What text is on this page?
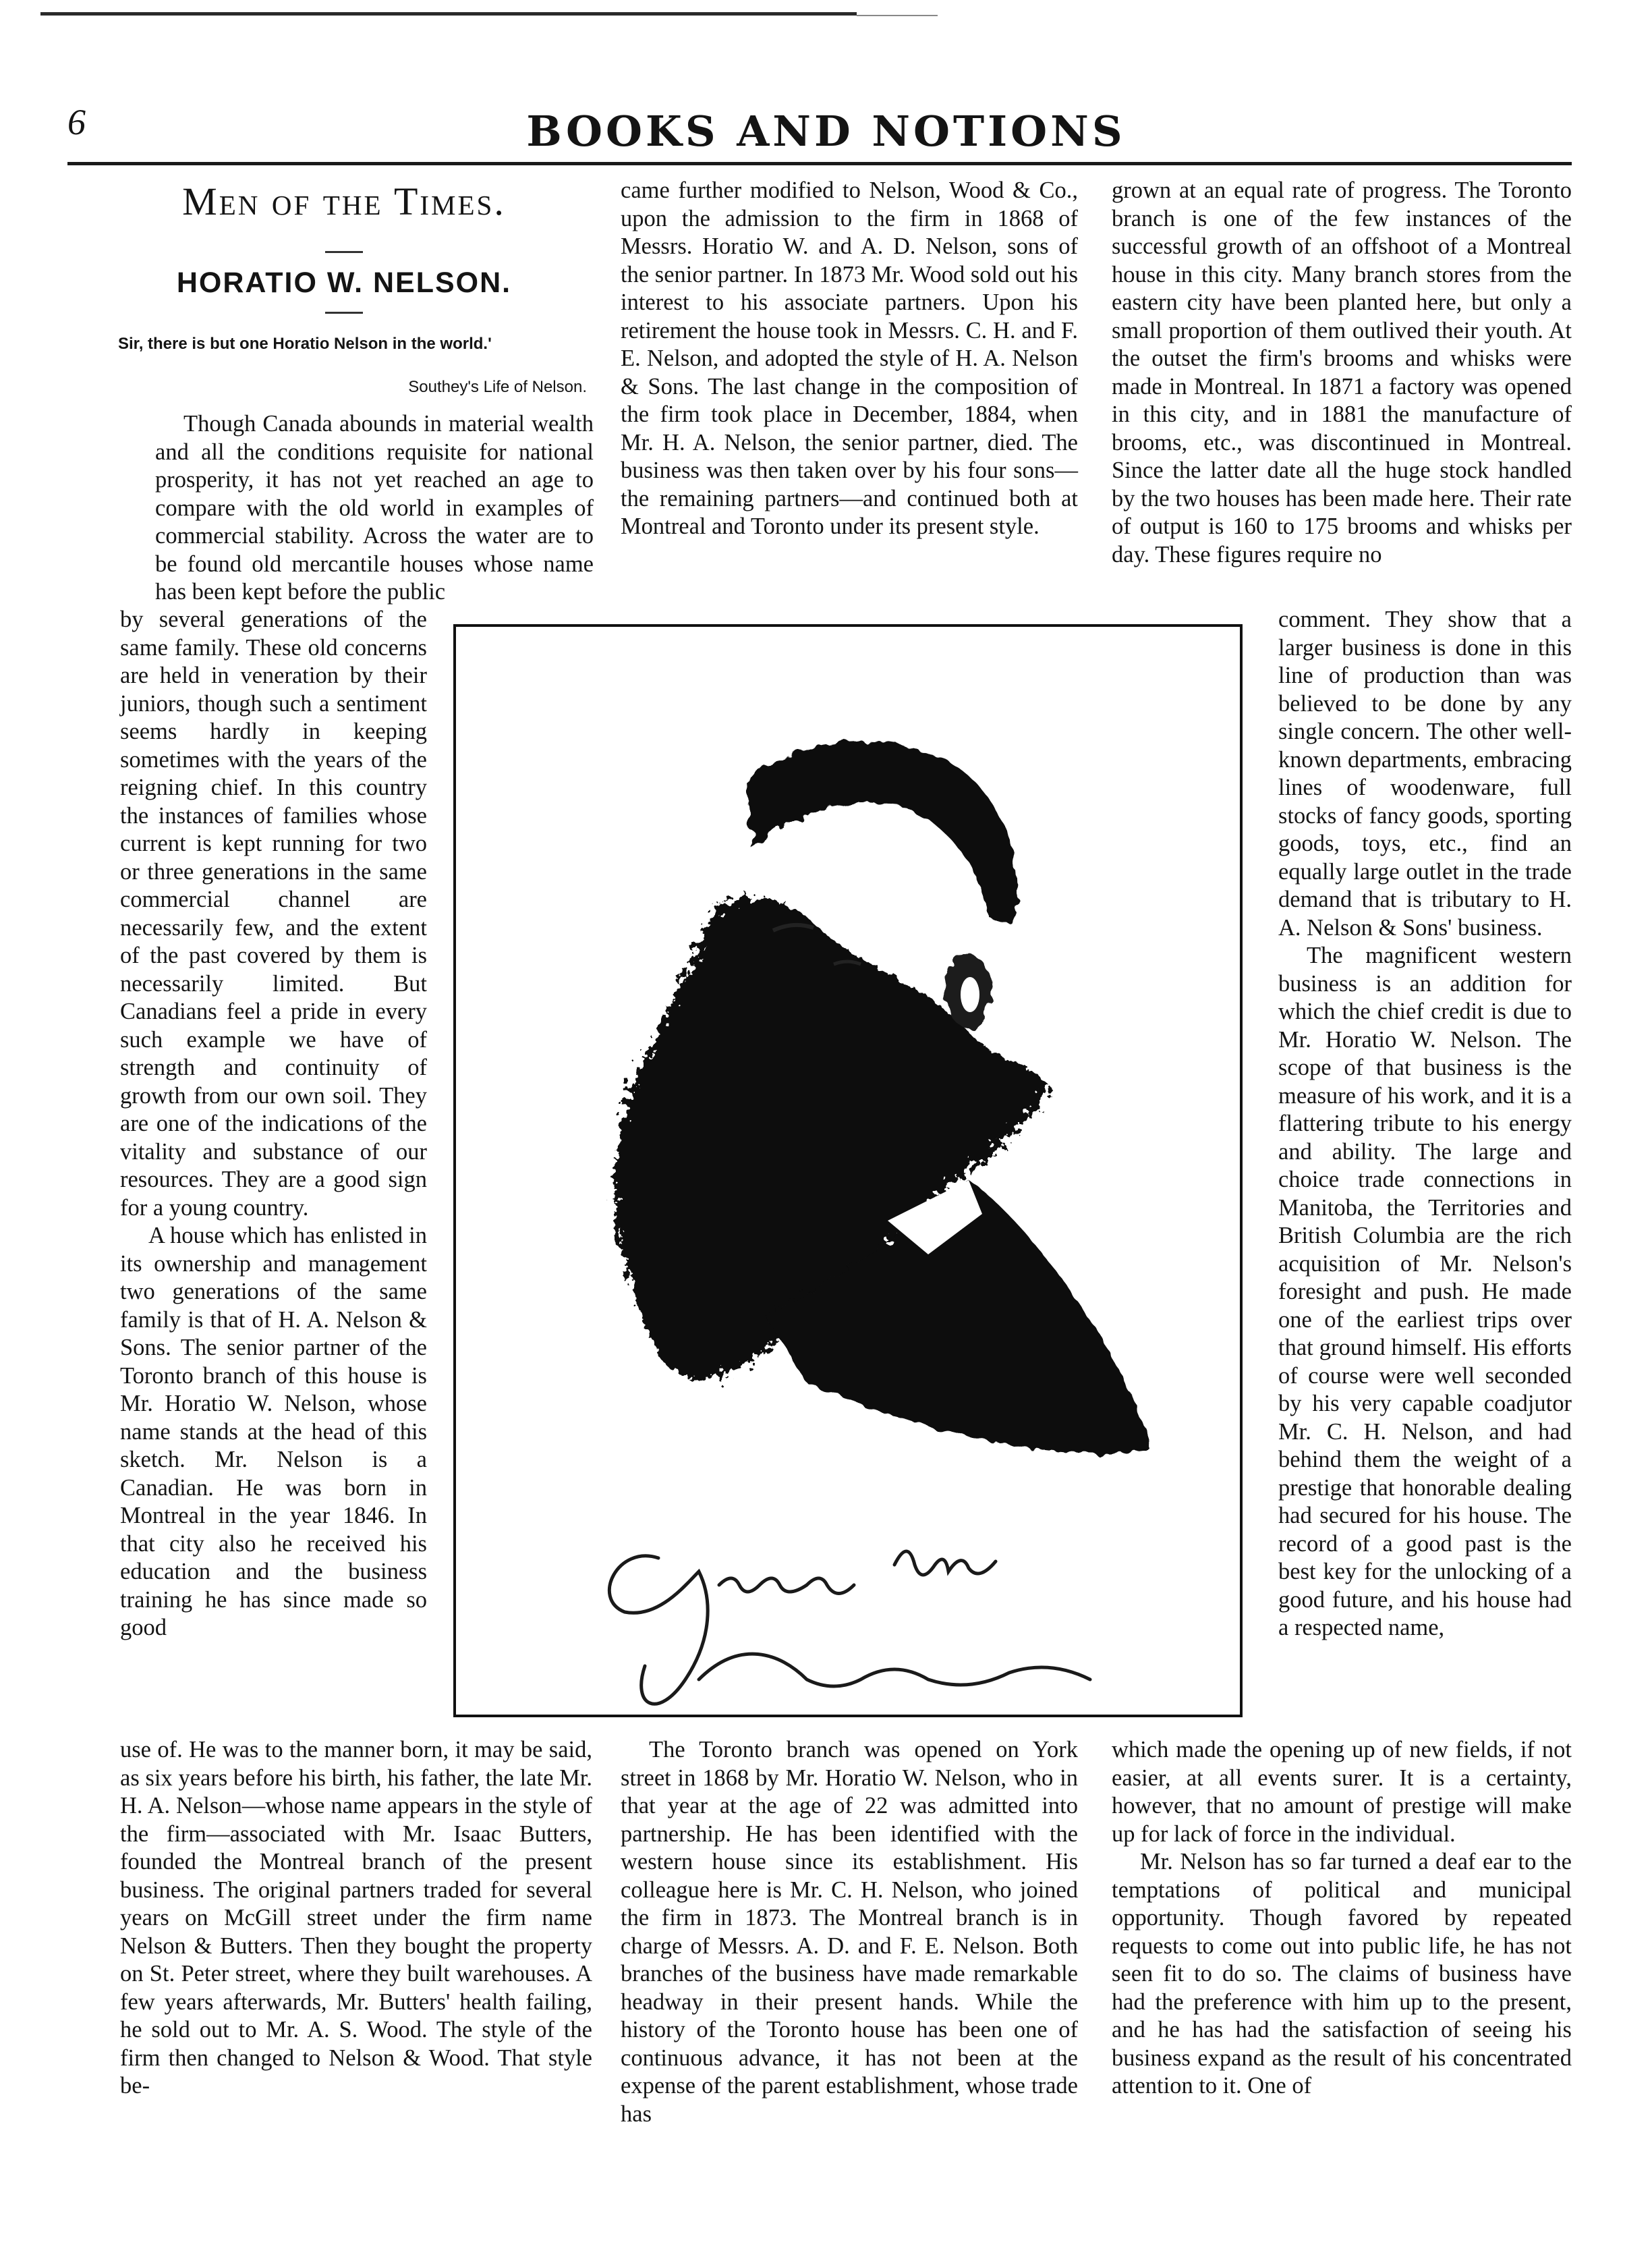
6	BOOKS AND NOTIONS
Men of the Times.
HORATIO W. NELSON.
Sir, there is but one Horatio Nelson in the world.'
Southey's Life of Nelson.

Though Canada abounds in material wealth and all the conditions requisite for national prosperity, it has not yet reached an age to compare with the old world in examples of commercial stability. Across the water are to be found old mercantile houses whose name has been kept before the public

by several generations of the same family. These old concerns are held in veneration by their juniors, though such a sentiment seems hardly in keeping sometimes with the years of the reigning chief. In this country the instances of families whose current is kept running for two or three generations in the same commercial channel are necessarily few, and the extent of the past covered by them is necessarily limited. But Canadians feel a pride in every such example we have of strength and continuity of growth from our own soil. They are one of the indications of the vitality and substance of our resources. They are a good sign for a young country.

A house which has enlisted in its ownership and management two generations of the same family is that of H. A. Nelson & Sons. The senior partner of the Toronto branch of this house is Mr. Horatio W. Nelson, whose name stands at the head of this sketch. Mr. Nelson is a Canadian. He was born in Montreal in the year 1846. In that city also he received his education and the business training he has since made so good

use of. He was to the manner born, it may be said, as six years before his birth, his father, the late Mr. H. A. Nelson—whose name appears in the style of the firm—associated with Mr. Isaac Butters, founded the Montreal branch of the present business. The original partners traded for several years on McGill street under the firm name Nelson & Butters. Then they bought the property on St. Peter street, where they built warehouses. A few years afterwards, Mr. Butters' health failing, he sold out to Mr. A. S. Wood. The style of the firm then changed to Nelson & Wood. That style be-

came further modified to Nelson, Wood & Co., upon the admission to the firm in 1868 of Messrs. Horatio W. and A. D. Nelson, sons of the senior partner. In 1873 Mr. Wood sold out his interest to his associate partners. Upon his retirement the house took in Messrs. C. H. and F. E. Nelson, and adopted the style of H. A. Nelson & Sons. The last change in the composition of the firm took place in December, 1884, when Mr. H. A. Nelson, the senior partner, died. The business was then taken over by his four sons—the remaining partners—and continued both at Montreal and Toronto under its present style.

The Toronto branch was opened on York street in 1868 by Mr. Horatio W. Nelson, who in that year at the age of 22 was admitted into partnership. He has been identified with the western house since its establishment. His colleague here is Mr. C. H. Nelson, who joined the firm in 1873. The Montreal branch is in charge of Messrs. A. D. and F. E. Nelson. Both branches of the business have made remarkable headway in their present hands. While the history of the Toronto house has been one of continuous advance, it has not been at the expense of the parent establishment, whose trade has

grown at an equal rate of progress. The Toronto branch is one of the few instances of the successful growth of an offshoot of a Montreal house in this city. Many branch stores from the eastern city have been planted here, but only a small proportion of them outlived their youth. At the outset the firm's brooms and whisks were made in Montreal. In 1871 a factory was opened in this city, and in 1881 the manufacture of brooms, etc., was discontinued in Montreal. Since the latter date all the huge stock handled by the two houses has been made here. Their rate of output is 160 to 175 brooms and whisks per day. These figures require no

comment. They show that a larger business is done in this line of production than was believed to be done by any single concern. The other well-known departments, embracing lines of woodenware, full stocks of fancy goods, sporting goods, toys, etc., find an equally large outlet in the trade demand that is tributary to H. A. Nelson & Sons' business.

The magnificent western business is an addition for which the chief credit is due to Mr. Horatio W. Nelson. The scope of that business is the measure of his work, and it is a flattering tribute to his energy and ability. The large and choice trade connections in Manitoba, the Territories and British Columbia are the rich acquisition of Mr. Nelson's foresight and push. He made one of the earliest trips over that ground himself. His efforts of course were well seconded by his very capable coadjutor Mr. C. H. Nelson, and had behind them the weight of a prestige that honorable dealing had secured for his house. The record of a good past is the best key for the unlocking of a good future, and his house had a respected name,

which made the opening up of new fields, if not easier, at all events surer. It is a certainty, however, that no amount of prestige will make up for lack of force in the individual.

Mr. Nelson has so far turned a deaf ear to the temptations of political and municipal opportunity. Though favored by repeated requests to come out into public life, he has not seen fit to do so. The claims of business have had the preference with him up to the present, and he has had the satisfaction of seeing his business expand as the result of his concentrated attention to it. One of

Yours truly H. W. Nelson
